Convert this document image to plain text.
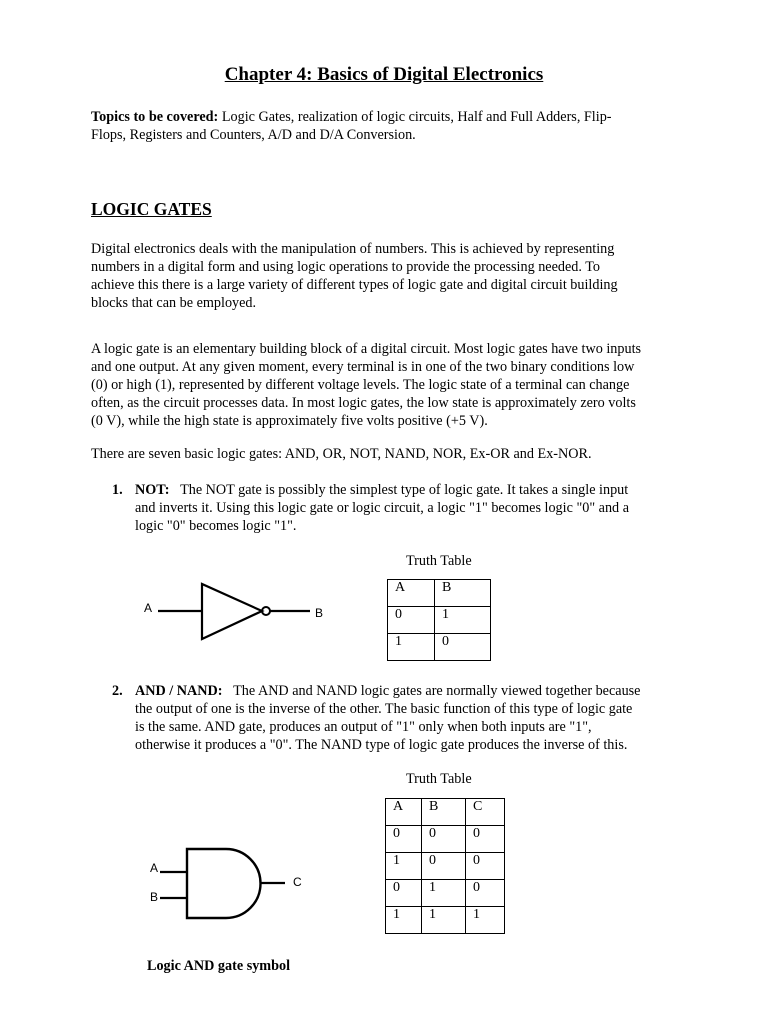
Chapter 4: Basics of Digital Electronics
Topics to be covered: Logic Gates, realization of logic circuits, Half and Full Adders, Flip-
Flops, Registers and Counters, A/D and D/A Conversion.
LOGIC GATES
Digital electronics deals with the manipulation of numbers. This is achieved by representing
numbers in a digital form and using logic operations to provide the processing needed. To
achieve this there is a large variety of different types of logic gate and digital circuit building
blocks that can be employed.
A logic gate is an elementary building block of a digital circuit. Most logic gates have two inputs
and one output. At any given moment, every terminal is in one of the two binary conditions low
(0) or high (1), represented by different voltage levels. The logic state of a terminal can change
often, as the circuit processes data. In most logic gates, the low state is approximately zero volts
(0 V), while the high state is approximately five volts positive (+5 V).
There are seven basic logic gates: AND, OR, NOT, NAND, NOR, Ex-OR and Ex-NOR.
1. NOT: The NOT gate is possibly the simplest type of logic gate. It takes a single input
and inverts it. Using this logic gate or logic circuit, a logic "1" becomes logic "0" and a
logic "0" becomes logic "1".
A	B
Truth Table
A	B
0	1
1	0
2. AND / NAND: The AND and NAND logic gates are normally viewed together because
the output of one is the inverse of the other. The basic function of this type of logic gate
is the same. AND gate, produces an output of "1" only when both inputs are "1",
otherwise it produces a "0". The NAND type of logic gate produces the inverse of this.
Truth Table
A	B	C
0	0	0
1	0	0
0	1	0
1	1	1
A
B
C
Logic AND gate symbol
